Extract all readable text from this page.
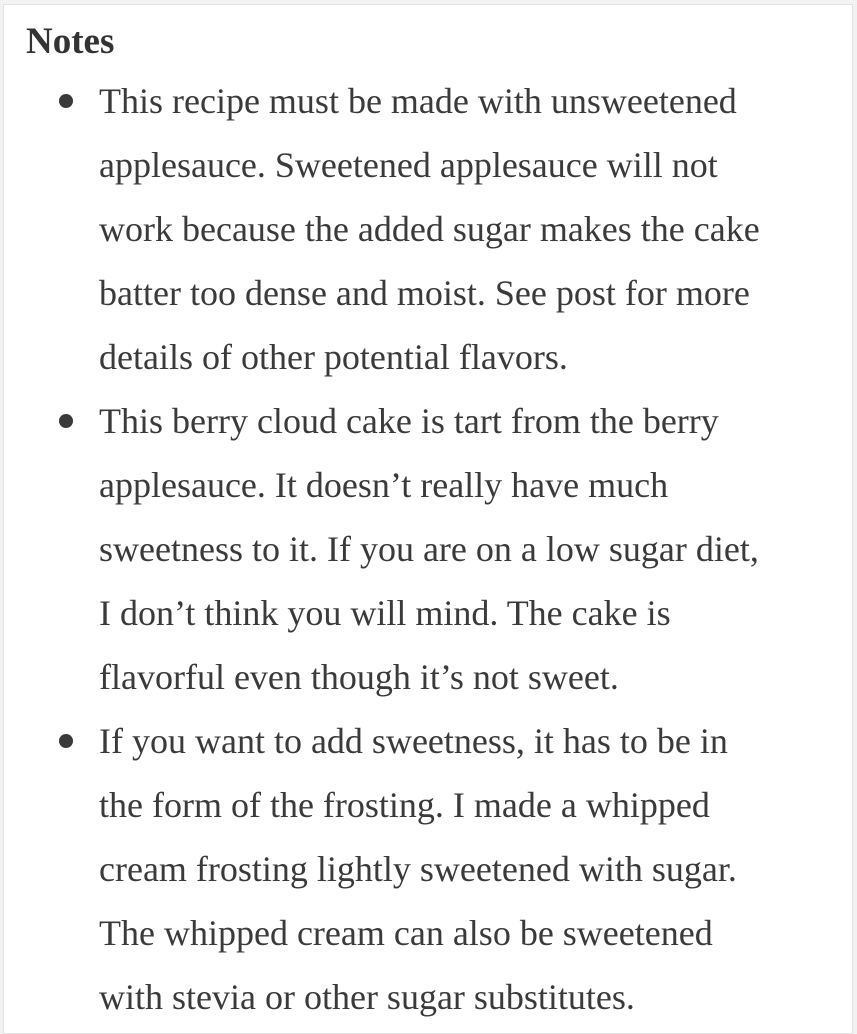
Notes
This recipe must be made with unsweetened
applesauce. Sweetened applesauce will not
work because the added sugar makes the cake
batter too dense and moist. See post for more
details of other potential flavors.
This berry cloud cake is tart from the berry
applesauce. It doesn’t really have much
sweetness to it. If you are on a low sugar diet,
I don’t think you will mind. The cake is
flavorful even though it’s not sweet.
If you want to add sweetness, it has to be in
the form of the frosting. I made a whipped
cream frosting lightly sweetened with sugar.
The whipped cream can also be sweetened
with stevia or other sugar substitutes.
